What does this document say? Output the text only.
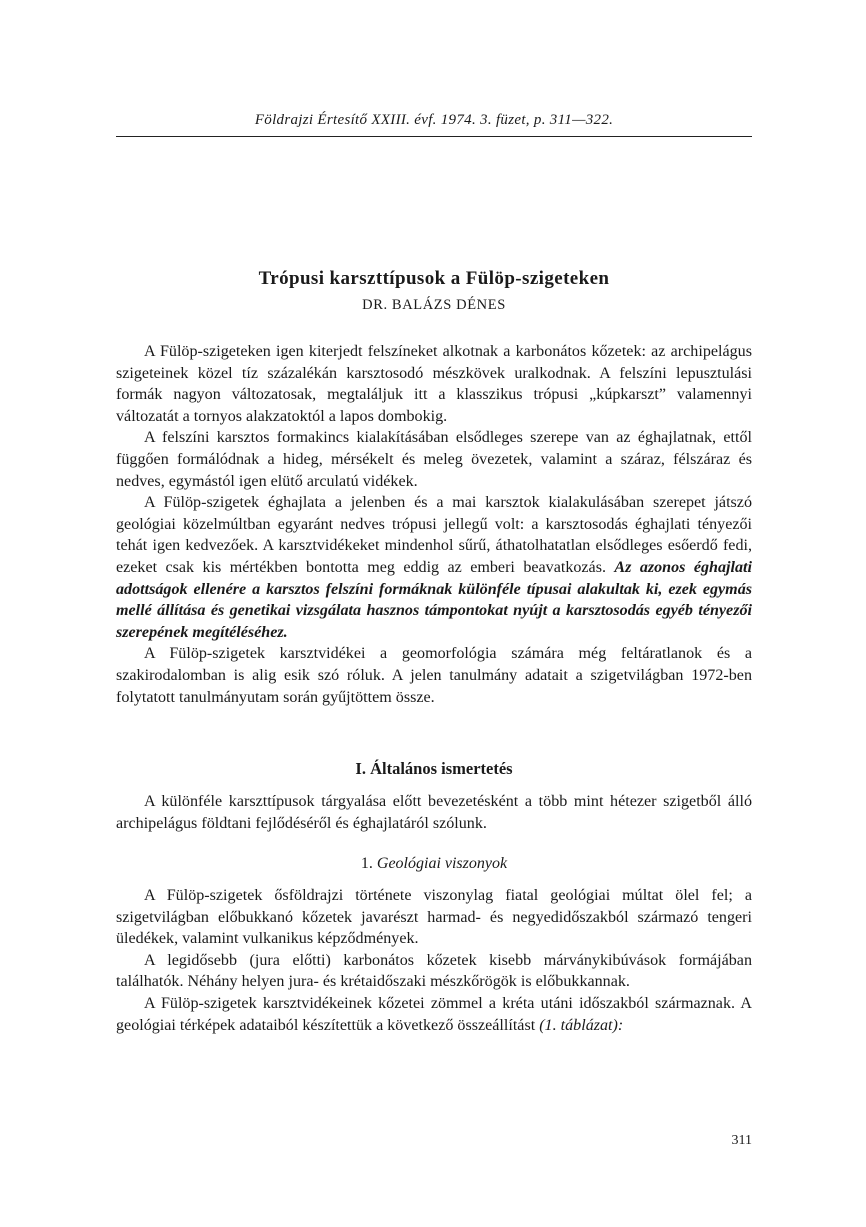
Földrajzi Értesítő XXIII. évf. 1974. 3. füzet, p. 311—322.
Trópusi karszttípusok a Fülöp-szigeteken
DR. BALÁZS DÉNES

A Fülöp-szigeteken igen kiterjedt felszíneket alkotnak a karbonátos kőzetek: az archipelágus szigeteinek közel tíz százalékán karsztosodó mészkövek uralkodnak. A felszíni lepusztulási formák nagyon változatosak, megtaláljuk itt a klasszikus trópusi „kúpkarszt” valamennyi változatát a tornyos alakzatoktól a lapos dombokig.

A felszíni karsztos formakincs kialakításában elsődleges szerepe van az éghajlatnak, ettől függően formálódnak a hideg, mérsékelt és meleg övezetek, valamint a száraz, félszáraz és nedves, egymástól igen elütő arculatú vidékek.

A Fülöp-szigetek éghajlata a jelenben és a mai karsztok kialakulásában szerepet játszó geológiai közelmúltban egyaránt nedves trópusi jellegű volt: a karsztosodás éghajlati tényezői tehát igen kedvezőek. A karsztvidékeket mindenhol sűrű, áthatolhatatlan elsődleges esőerdő fedi, ezeket csak kis mértékben bontotta meg eddig az emberi beavatkozás. Az azonos éghajlati adottságok ellenére a karsztos felszíni formáknak különféle típusai alakultak ki, ezek egymás mellé állítása és genetikai vizsgálata hasznos támpontokat nyújt a karsztosodás egyéb tényezői szerepének megítéléséhez.

A Fülöp-szigetek karsztvidékei a geomorfológia számára még feltáratlanok és a szakirodalomban is alig esik szó róluk. A jelen tanulmány adatait a szigetvilágban 1972-ben folytatott tanulmányutam során gyűjtöttem össze.

I. Általános ismertetés

A különféle karszttípusok tárgyalása előtt bevezetésként a több mint hétezer szigetből álló archipelágus földtani fejlődéséről és éghajlatáról szólunk.

1. Geológiai viszonyok

A Fülöp-szigetek ősföldrajzi története viszonylag fiatal geológiai múltat ölel fel; a szigetvilágban előbukkanó kőzetek javarészt harmad- és negyedidőszakból származó tengeri üledékek, valamint vulkanikus képződmények.

A legidősebb (jura előtti) karbonátos kőzetek kisebb márványkibúvások formájában találhatók. Néhány helyen jura- és krétaidőszaki mészkőrögök is előbukkannak.

A Fülöp-szigetek karsztvidékeinek kőzetei zömmel a kréta utáni időszakból származnak. A geológiai térképek adataiból készítettük a következő összeállítást (1. táblázat):

311
